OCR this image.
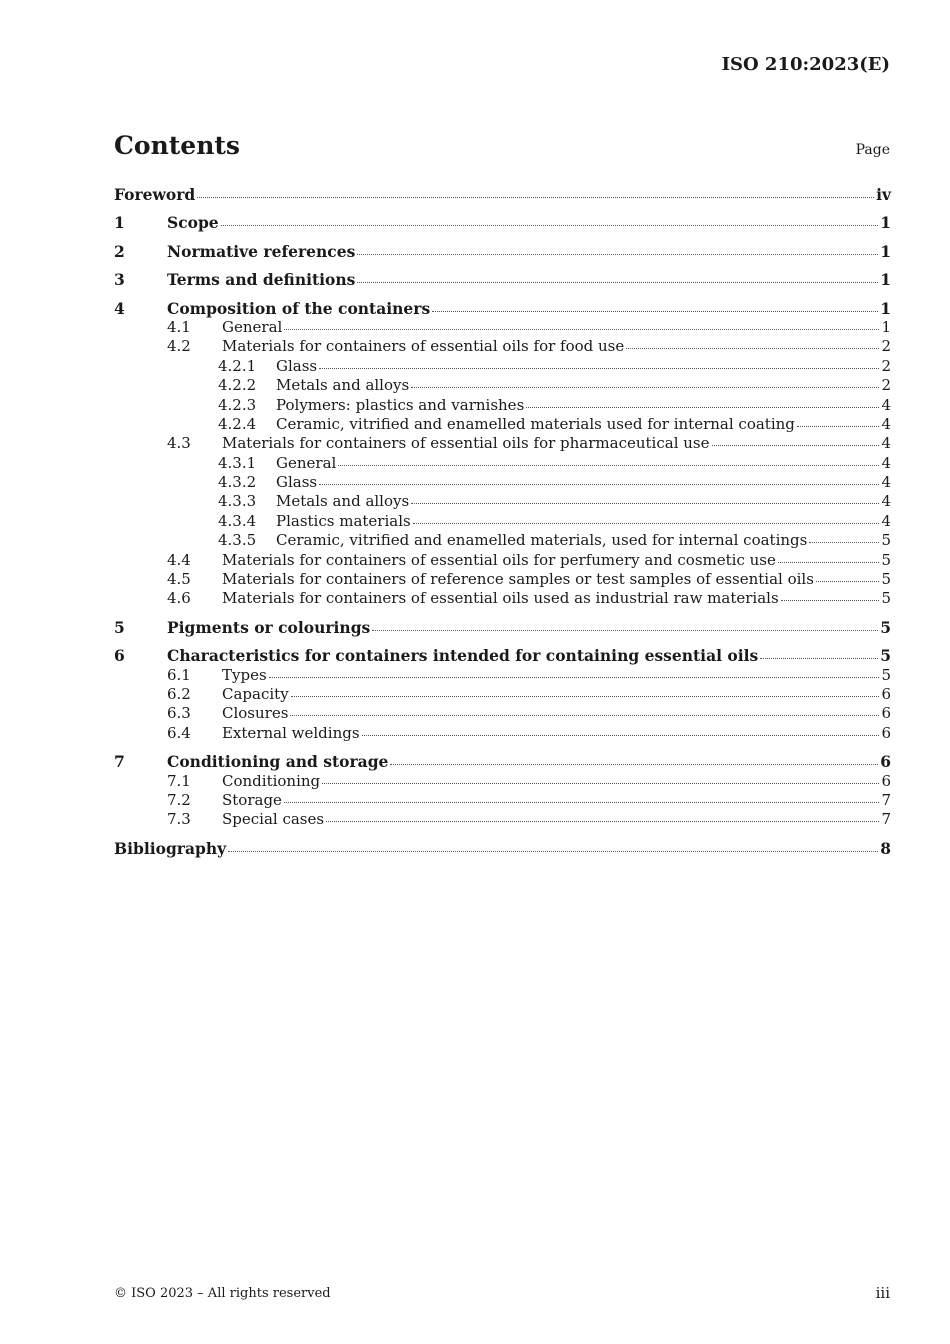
ISO 210:2023(E)
Contents	Page
Foreword	iv
1	Scope	1
2	Normative references	1
3	Terms and definitions	1
4	Composition of the containers	1
4.1	General	1
4.2	Materials for containers of essential oils for food use	2
4.2.1	Glass	2
4.2.2	Metals and alloys	2
4.2.3	Polymers: plastics and varnishes	4
4.2.4	Ceramic, vitrified and enamelled materials used for internal coating	4
4.3	Materials for containers of essential oils for pharmaceutical use	4
4.3.1	General	4
4.3.2	Glass	4
4.3.3	Metals and alloys	4
4.3.4	Plastics materials	4
4.3.5	Ceramic, vitrified and enamelled materials, used for internal coatings	5
4.4	Materials for containers of essential oils for perfumery and cosmetic use	5
4.5	Materials for containers of reference samples or test samples of essential oils	5
4.6	Materials for containers of essential oils used as industrial raw materials	5
5	Pigments or colourings	5
6	Characteristics for containers intended for containing essential oils	5
6.1	Types	5
6.2	Capacity	6
6.3	Closures	6
6.4	External weldings	6
7	Conditioning and storage	6
7.1	Conditioning	6
7.2	Storage	7
7.3	Special cases	7
Bibliography	8
© ISO 2023 – All rights reserved	iii
